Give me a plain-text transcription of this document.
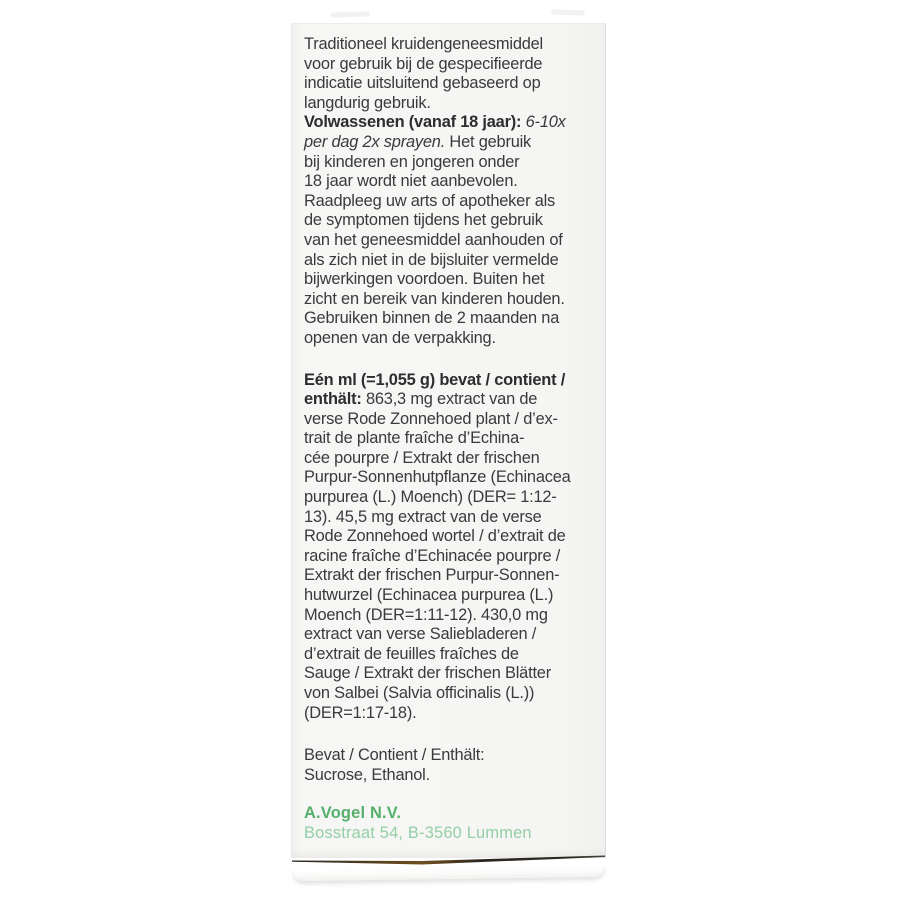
Traditioneel kruidengeneesmiddel
voor gebruik bij de gespecifieerde
indicatie uitsluitend gebaseerd op
langdurig gebruik.
Volwassenen (vanaf 18 jaar): 6-10x
per dag 2x sprayen. Het gebruik
bij kinderen en jongeren onder
18 jaar wordt niet aanbevolen.
Raadpleeg uw arts of apotheker als
de symptomen tijdens het gebruik
van het geneesmiddel aanhouden of
als zich niet in de bijsluiter vermelde
bijwerkingen voordoen. Buiten het
zicht en bereik van kinderen houden.
Gebruiken binnen de 2 maanden na
openen van de verpakking.
Eén ml (=1,055 g) bevat / contient /
enthält: 863,3 mg extract van de
verse Rode Zonnehoed plant / d’ex-
trait de plante fraîche d’Echina-
cée pourpre / Extrakt der frischen
Purpur-Sonnenhutpflanze (Echinacea
purpurea (L.) Moench) (DER= 1:12-
13). 45,5 mg extract van de verse
Rode Zonnehoed wortel / d’extrait de
racine fraîche d’Echinacée pourpre /
Extrakt der frischen Purpur-Sonnen-
hutwurzel (Echinacea purpurea (L.)
Moench (DER=1:11-12). 430,0 mg
extract van verse Saliebladeren /
d’extrait de feuilles fraîches de
Sauge / Extrakt der frischen Blätter
von Salbei (Salvia officinalis (L.))
(DER=1:17-18).
Bevat / Contient / Enthält:
Sucrose, Ethanol.
A.Vogel N.V.
Bosstraat 54, B-3560 Lummen
